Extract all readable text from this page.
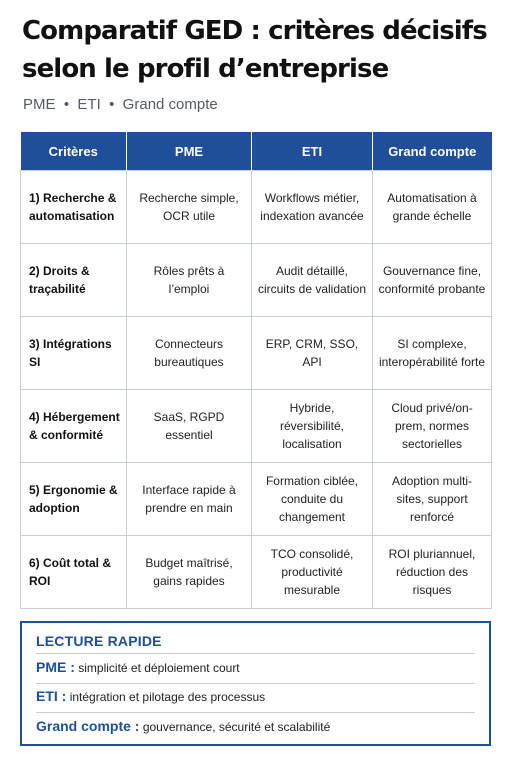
Comparatif GED : critères décisifs selon le profil d’entreprise
PME  •  ETI  •  Grand compte
Critères	PME	ETI	Grand compte
1) Recherche & automatisation	Recherche simple, OCR utile	Workflows métier, indexation avancée	Automatisation à grande échelle
2) Droits & traçabilité	Rôles prêts à l’emploi	Audit détaillé, circuits de validation	Gouvernance fine, conformité probante
3) Intégrations SI	Connecteurs bureautiques	ERP, CRM, SSO, API	SI complexe, interopérabilité forte
4) Hébergement & conformité	SaaS, RGPD essentiel	Hybride, réversibilité, localisation	Cloud privé/on-prem, normes sectorielles
5) Ergonomie & adoption	Interface rapide à prendre en main	Formation ciblée, conduite du changement	Adoption multi-sites, support renforcé
6) Coût total & ROI	Budget maîtrisé, gains rapides	TCO consolidé, productivité mesurable	ROI pluriannuel, réduction des risques
LECTURE RAPIDE
PME : simplicité et déploiement court
ETI : intégration et pilotage des processus
Grand compte : gouvernance, sécurité et scalabilité
